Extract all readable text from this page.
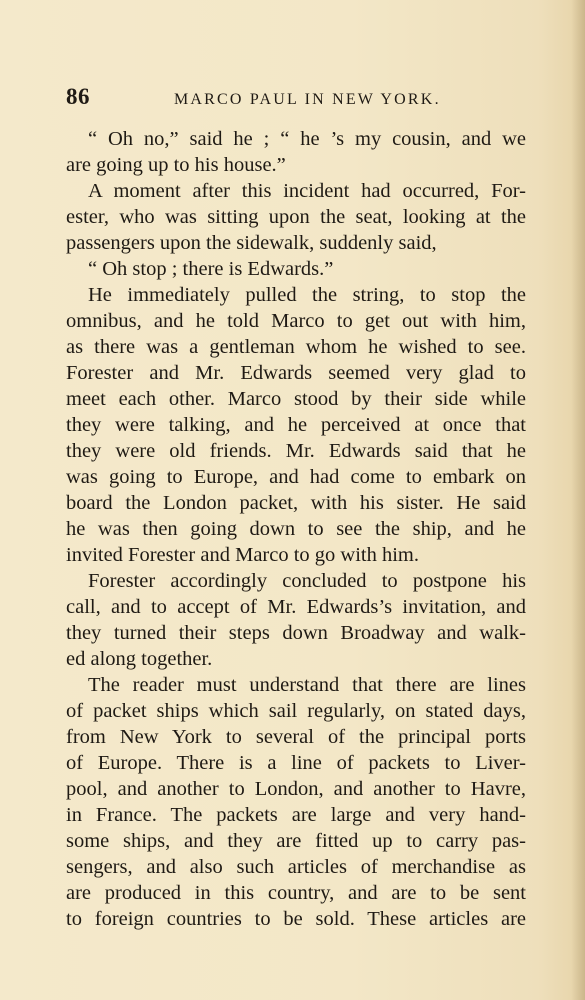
86	MARCO PAUL IN NEW YORK.
“ Oh no,” said he ; “ he ’s my cousin, and we
are going up to his house.”
A moment after this incident had occurred, For-
ester, who was sitting upon the seat, looking at the
passengers upon the sidewalk, suddenly said,
“ Oh stop ; there is Edwards.”
He immediately pulled the string, to stop the
omnibus, and he told Marco to get out with him,
as there was a gentleman whom he wished to see.
Forester and Mr. Edwards seemed very glad to
meet each other. Marco stood by their side while
they were talking, and he perceived at once that
they were old friends. Mr. Edwards said that he
was going to Europe, and had come to embark on
board the London packet, with his sister. He said
he was then going down to see the ship, and he
invited Forester and Marco to go with him.
Forester accordingly concluded to postpone his
call, and to accept of Mr. Edwards’s invitation, and
they turned their steps down Broadway and walk-
ed along together.
The reader must understand that there are lines
of packet ships which sail regularly, on stated days,
from New York to several of the principal ports
of Europe. There is a line of packets to Liver-
pool, and another to London, and another to Havre,
in France. The packets are large and very hand-
some ships, and they are fitted up to carry pas-
sengers, and also such articles of merchandise as
are produced in this country, and are to be sent
to foreign countries to be sold. These articles are
